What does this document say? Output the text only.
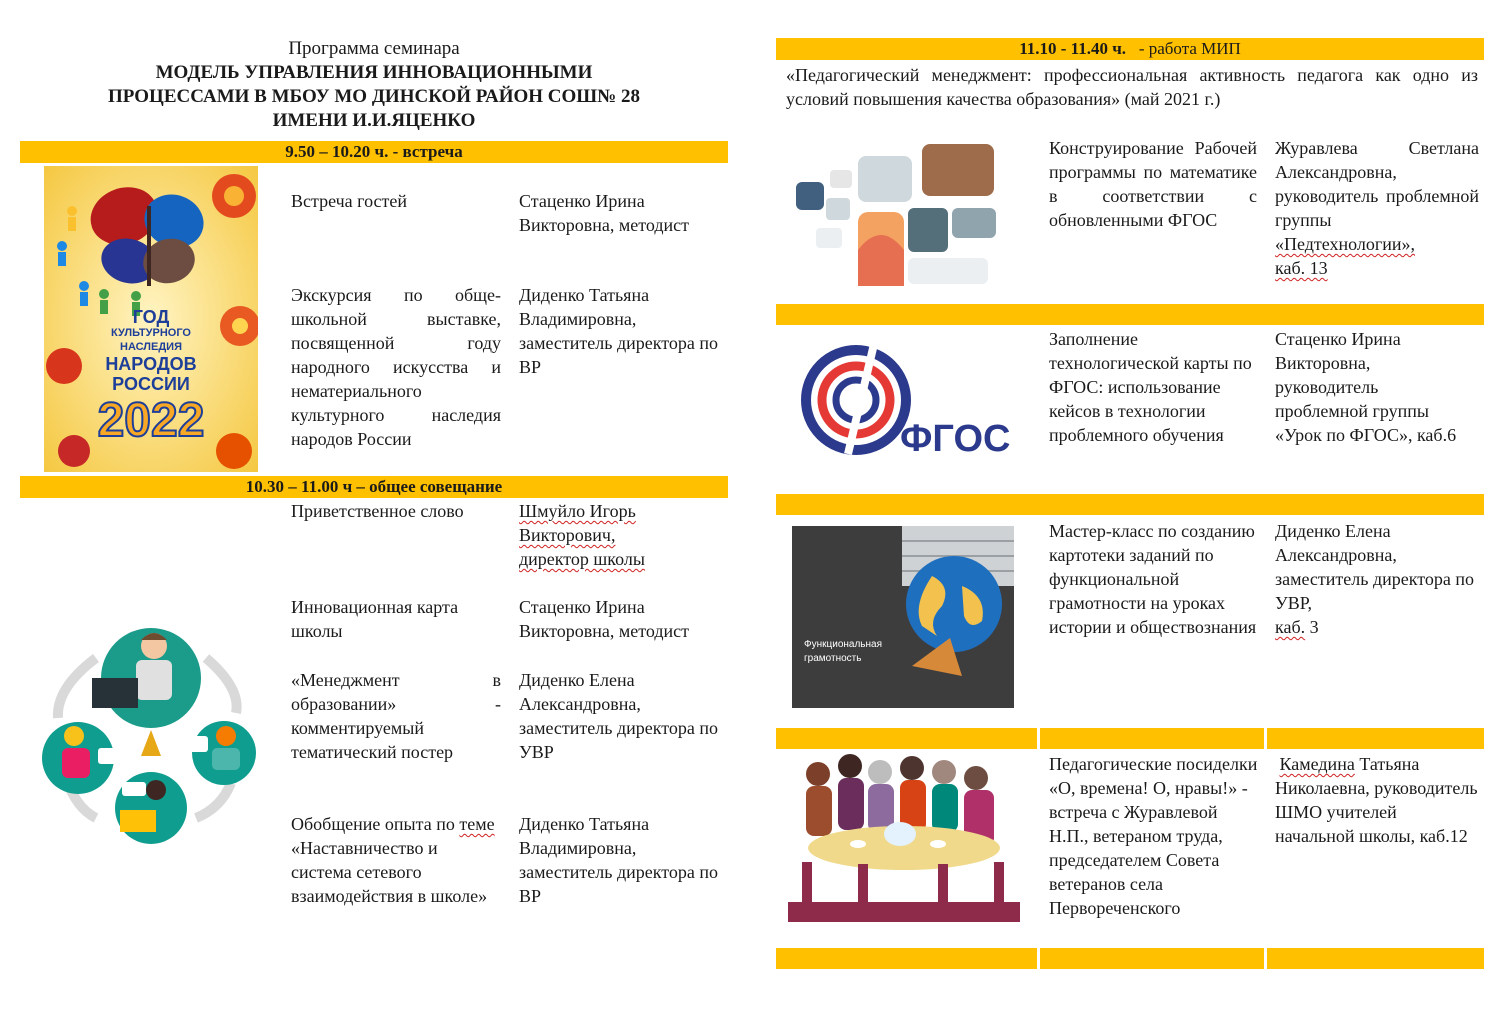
Программа семинара
МОДЕЛЬ УПРАВЛЕНИЯ ИННОВАЦИОННЫМИ
ПРОЦЕССАМИ В МБОУ МО ДИНСКОЙ РАЙОН СОШ№ 28
ИМЕНИ И.И.ЯЦЕНКО
9.50 – 10.20 ч. - встреча
ГОД
КУЛЬТУРНОГО
НАСЛЕДИЯ
НАРОДОВ
РОССИИ
2022
Встреча гостей	Стаценко Ирина Викторовна, методист
Экскурсия по обще-школьной выставке, посвященной году народного искусства и нематериального культурного наследия народов России
Диденко Татьяна Владимировна, заместитель директора по ВР
10.30 – 11.00 ч – общее совещание
Приветственное слово	Шмуйло Игорь
Викторович,
директор школы
Инновационная карта школы
Стаценко Ирина Викторовна, методист
«Менеджмент в образовании» - комментируемый тематический постер
Диденко Елена Александровна, заместитель директора по УВР
Обобщение опыта по теме «Наставничество и система сетевого взаимодействия в школе»
Диденко Татьяна Владимировна, заместитель директора по ВР
11.10 - 11.40 ч. - работа МИП
«Педагогический менеджмент: профессиональная активность педагога как одно из условий повышения качества образования» (май 2021 г.)
Конструирование Рабочей программы по математике в соответствии с обновленными ФГОС
Журавлева Светлана Александровна, руководитель проблемной группы
«Педтехнологии»,
каб. 13
ФГОС
Заполнение технологической карты по ФГОС: использование кейсов в технологии проблемного обучения
Стаценко Ирина Викторовна, руководитель проблемной группы «Урок по ФГОС», каб.6
Функциональная грамотность
Мастер-класс по созданию картотеки заданий по функциональной грамотности на уроках истории и обществознания
Диденко Елена Александровна, заместитель директора по УВР,
каб. 3
Педагогические посиделки «О, времена! О, нравы!» - встреча с Журавлевой Н.П., ветераном труда, председателем Совета ветеранов села Первореченского
Камедина Татьяна Николаевна, руководитель ШМО учителей начальной школы, каб.12
